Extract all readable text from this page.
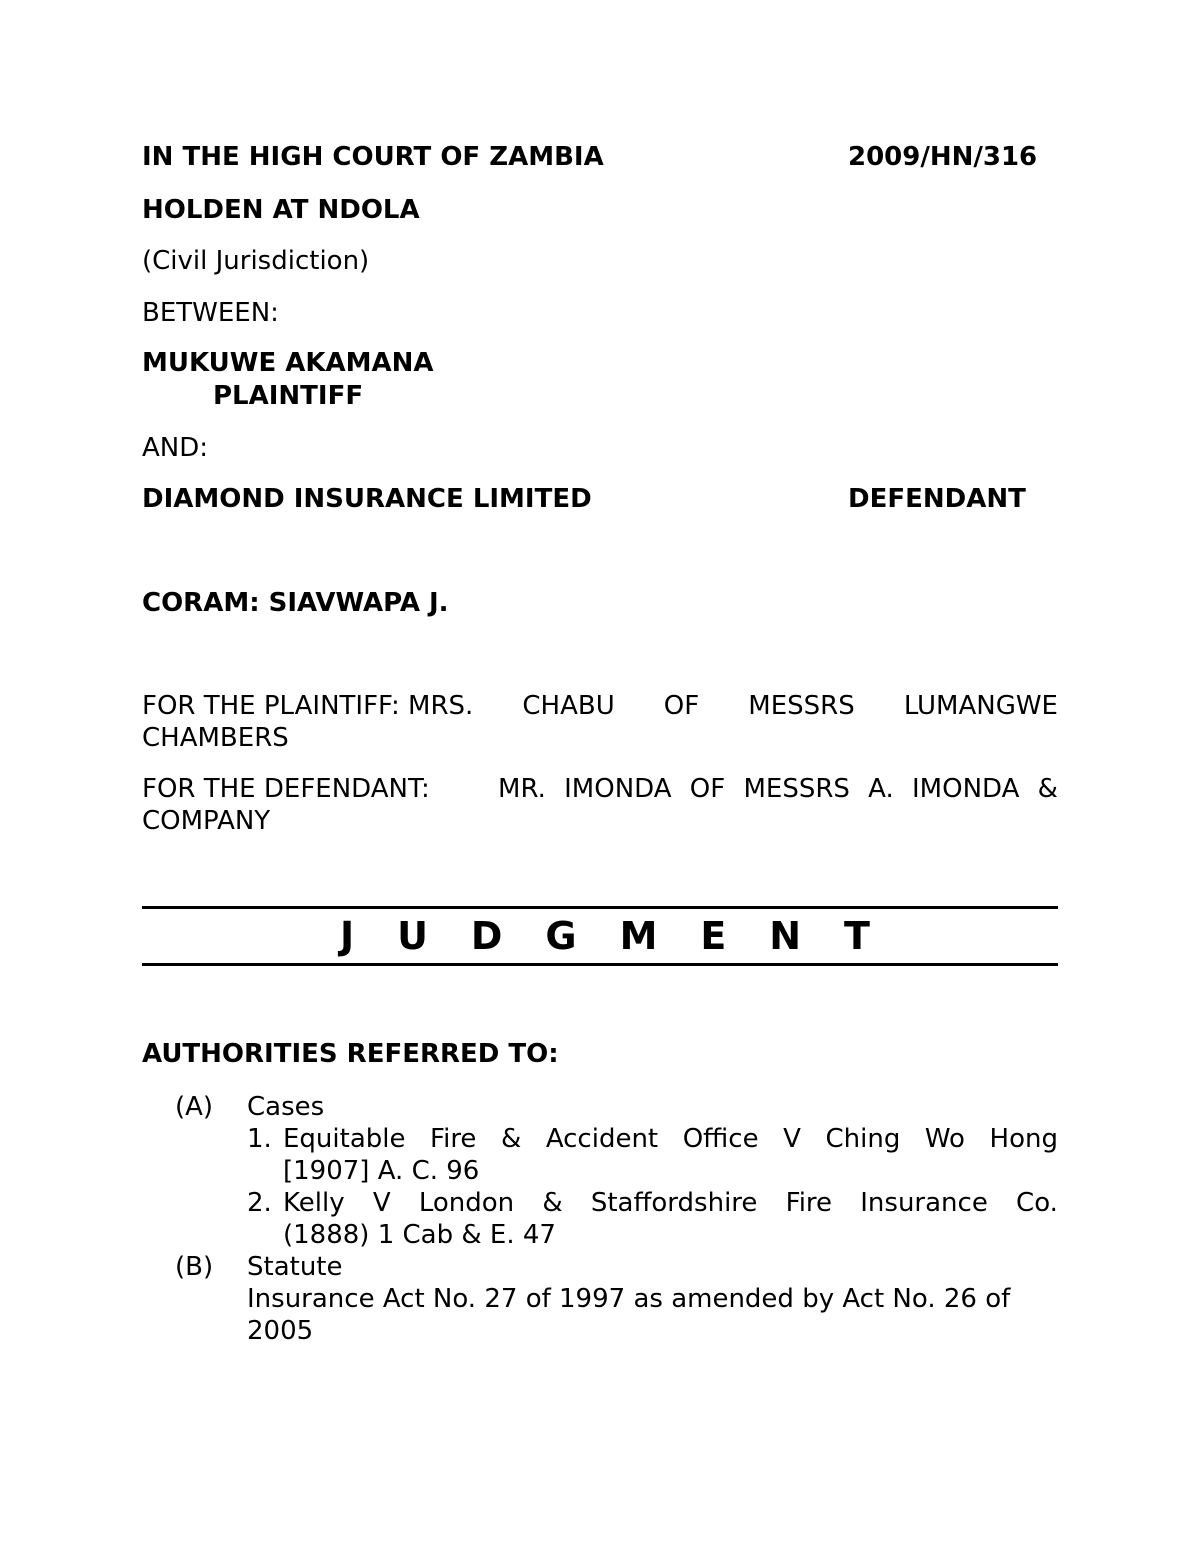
IN THE HIGH COURT OF ZAMBIA	2009/HN/316
HOLDEN AT NDOLA
(Civil Jurisdiction)
BETWEEN:
MUKUWE AKAMANA
PLAINTIFF
AND:
DIAMOND INSURANCE LIMITED	DEFENDANT
CORAM: SIAVWAPA J.
FOR THE PLAINTIFF: MRS. CHABU OF MESSRS LUMANGWE
CHAMBERS
FOR THE DEFENDANT:	MR. IMONDA OF MESSRS A. IMONDA &
COMPANY
J U D G M E N T
AUTHORITIES REFERRED TO:
(A) Cases
1. Equitable Fire & Accident Office V Ching Wo Hong
[1907] A. C. 96
2. Kelly V London & Staffordshire Fire Insurance Co.
(1888) 1 Cab & E. 47
(B) Statute
Insurance Act No. 27 of 1997 as amended by Act No. 26 of
2005
